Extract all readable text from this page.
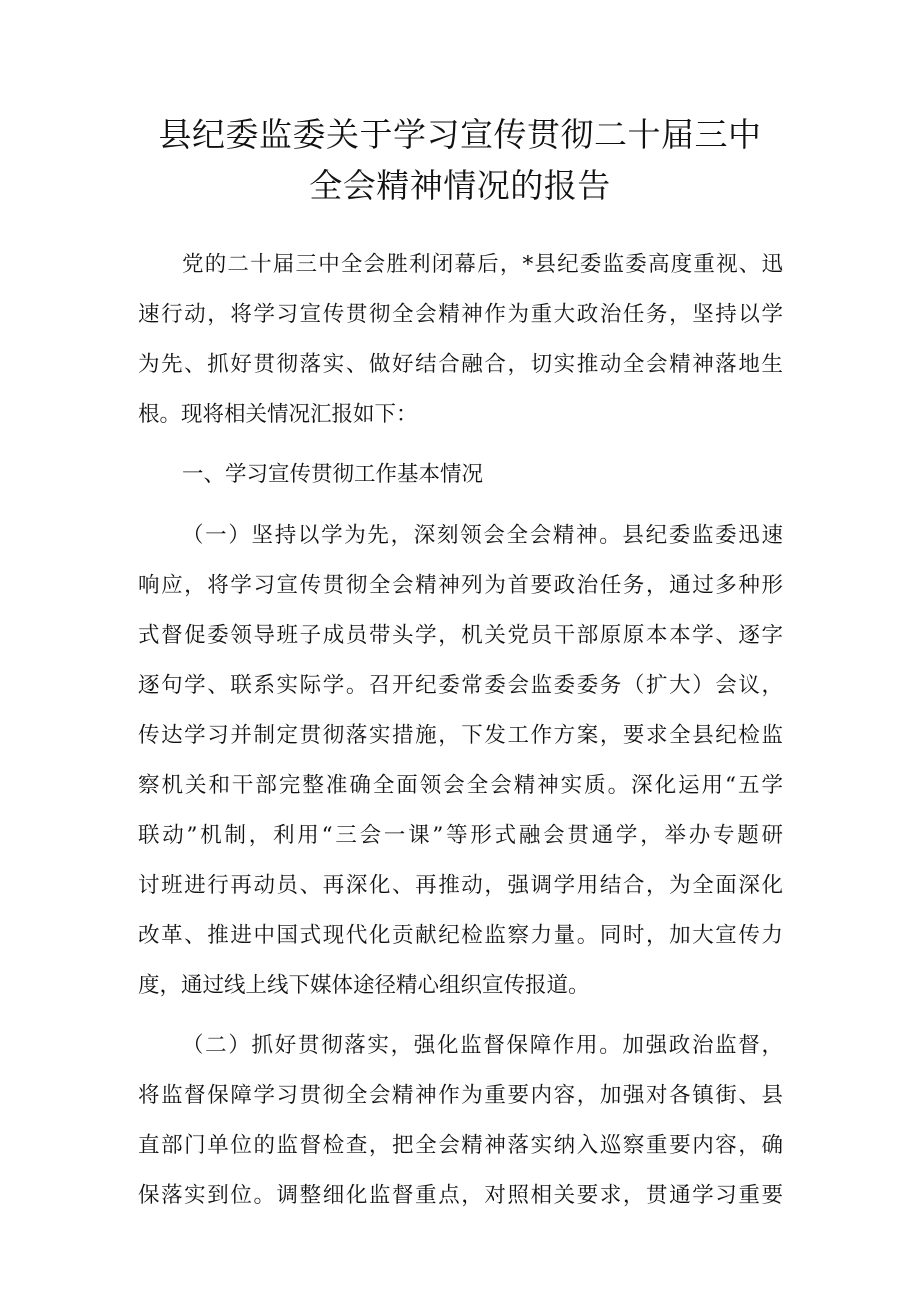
县纪委监委关于学习宣传贯彻二十届三中
全会精神情况的报告

党的二十届三中全会胜利闭幕后，*县纪委监委高度重视、迅

速行动，将学习宣传贯彻全会精神作为重大政治任务，坚持以学

为先、抓好贯彻落实、做好结合融合，切实推动全会精神落地生

根。现将相关情况汇报如下：

一、学习宣传贯彻工作基本情况

（一）坚持以学为先，深刻领会全会精神。县纪委监委迅速

响应，将学习宣传贯彻全会精神列为首要政治任务，通过多种形

式督促委领导班子成员带头学，机关党员干部原原本本学、逐字

逐句学、联系实际学。召开纪委常委会监委委务（扩大）会议，

传达学习并制定贯彻落实措施，下发工作方案，要求全县纪检监

察机关和干部完整准确全面领会全会精神实质。深化运用“五学

联动”机制，利用“三会一课”等形式融会贯通学，举办专题研

讨班进行再动员、再深化、再推动，强调学用结合，为全面深化

改革、推进中国式现代化贡献纪检监察力量。同时，加大宣传力

度，通过线上线下媒体途径精心组织宣传报道。

（二）抓好贯彻落实，强化监督保障作用。加强政治监督，

将监督保障学习贯彻全会精神作为重要内容，加强对各镇街、县

直部门单位的监督检查，把全会精神落实纳入巡察重要内容，确

保落实到位。调整细化监督重点，对照相关要求，贯通学习重要
